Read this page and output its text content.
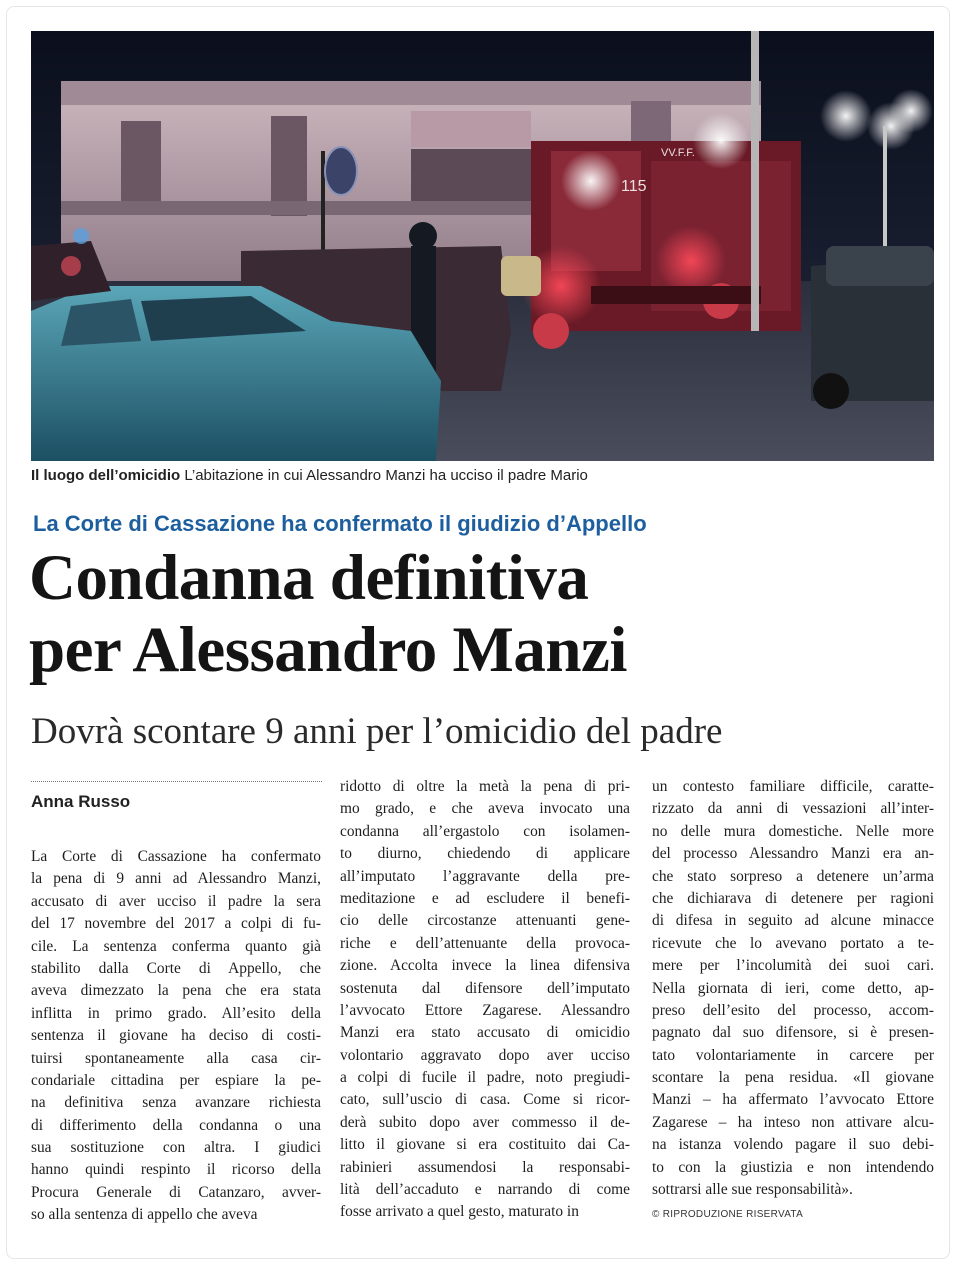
115
VV.F.F.
Il luogo dell’omicidio L’abitazione in cui Alessandro Manzi ha ucciso il padre Mario
La Corte di Cassazione ha confermato il giudizio d’Appello
Condanna definitiva
per Alessandro Manzi
Dovrà scontare 9 anni per l’omicidio del padre
Anna Russo
La Corte di Cassazione ha confermato
la pena di 9 anni ad Alessandro Manzi,
accusato di aver ucciso il padre la sera
del 17 novembre del 2017 a colpi di fu-
cile. La sentenza conferma quanto già
stabilito dalla Corte di Appello, che
aveva dimezzato la pena che era stata
inflitta in primo grado. All’esito della
sentenza il giovane ha deciso di costi-
tuirsi spontaneamente alla casa cir-
condariale cittadina per espiare la pe-
na definitiva senza avanzare richiesta
di differimento della condanna o una
sua sostituzione con altra. I giudici
hanno quindi respinto il ricorso della
Procura Generale di Catanzaro, avver-
so alla sentenza di appello che aveva
ridotto di oltre la metà la pena di pri-
mo grado, e che aveva invocato una
condanna all’ergastolo con isolamen-
to diurno, chiedendo di applicare
all’imputato l’aggravante della pre-
meditazione e ad escludere il benefi-
cio delle circostanze attenuanti gene-
riche e dell’attenuante della provoca-
zione. Accolta invece la linea difensiva
sostenuta dal difensore dell’imputato
l’avvocato Ettore Zagarese. Alessandro
Manzi era stato accusato di omicidio
volontario aggravato dopo aver ucciso
a colpi di fucile il padre, noto pregiudi-
cato, sull’uscio di casa. Come si ricor-
derà subito dopo aver commesso il de-
litto il giovane si era costituito dai Ca-
rabinieri assumendosi la responsabi-
lità dell’accaduto e narrando di come
fosse arrivato a quel gesto, maturato in
un contesto familiare difficile, caratte-
rizzato da anni di vessazioni all’inter-
no delle mura domestiche. Nelle more
del processo Alessandro Manzi era an-
che stato sorpreso a detenere un’arma
che dichiarava di detenere per ragioni
di difesa in seguito ad alcune minacce
ricevute che lo avevano portato a te-
mere per l’incolumità dei suoi cari.
Nella giornata di ieri, come detto, ap-
preso dell’esito del processo, accom-
pagnato dal suo difensore, si è presen-
tato volontariamente in carcere per
scontare la pena residua. «Il giovane
Manzi – ha affermato l’avvocato Ettore
Zagarese – ha inteso non attivare alcu-
na istanza volendo pagare il suo debi-
to con la giustizia e non intendendo
sottrarsi alle sue responsabilità».
© RIPRODUZIONE RISERVATA
